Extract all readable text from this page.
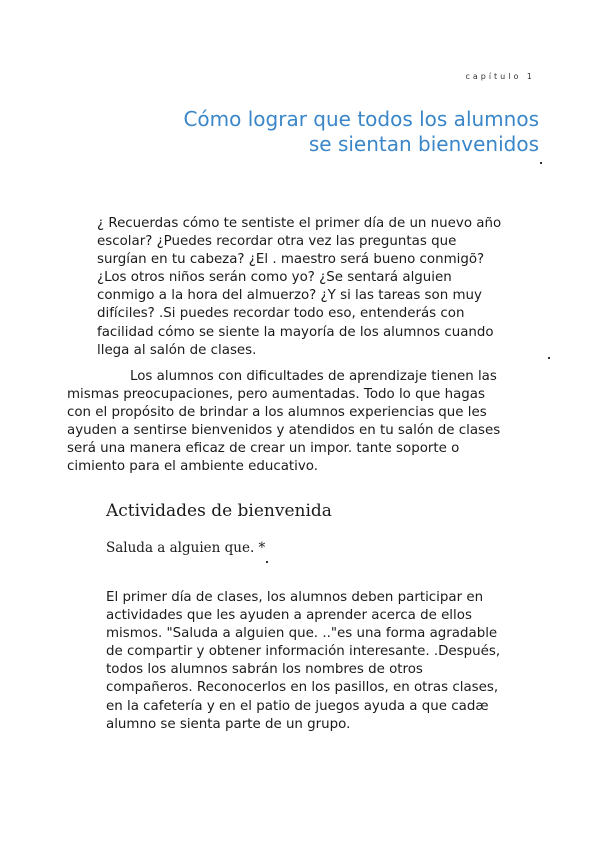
capítulo 1
Cómo lograr que todos los alumnos
se sientan bienvenidos
¿ Recuerdas cómo te sentiste el primer día de un nuevo año
escolar? ¿Puedes recordar otra vez las preguntas que
surgían en tu cabeza? ¿El . maestro será bueno conmigõ?
¿Los otros niños serán como yo? ¿Se sentará alguien
conmigo a la hora del almuerzo? ¿Y si las tareas son muy
difíciles? .Si puedes recordar todo eso, entenderás con
facilidad cómo se siente la mayoría de los alumnos cuando
llega al salón de clases.
Los alumnos con dificultades de aprendizaje tienen las
mismas preocupaciones, pero aumentadas. Todo lo que hagas
con el propósito de brindar a los alumnos experiencias que les
ayuden a sentirse bienvenidos y atendidos en tu salón de clases
será una manera eficaz de crear un impor. tante soporte o
cimiento para el ambiente educativo.
Actividades de bienvenida
Saluda a alguien que. *
El primer día de clases, los alumnos deben participar en
actividades que les ayuden a aprender acerca de ellos
mismos. "Saluda a alguien que. .."es una forma agradable
de compartir y obtener información interesante. .Después,
todos los alumnos sabrán los nombres de otros
compañeros. Reconocerlos en los pasillos, en otras clases,
en la cafetería y en el patio de juegos ayuda a que cadæ
alumno se sienta parte de un grupo.
